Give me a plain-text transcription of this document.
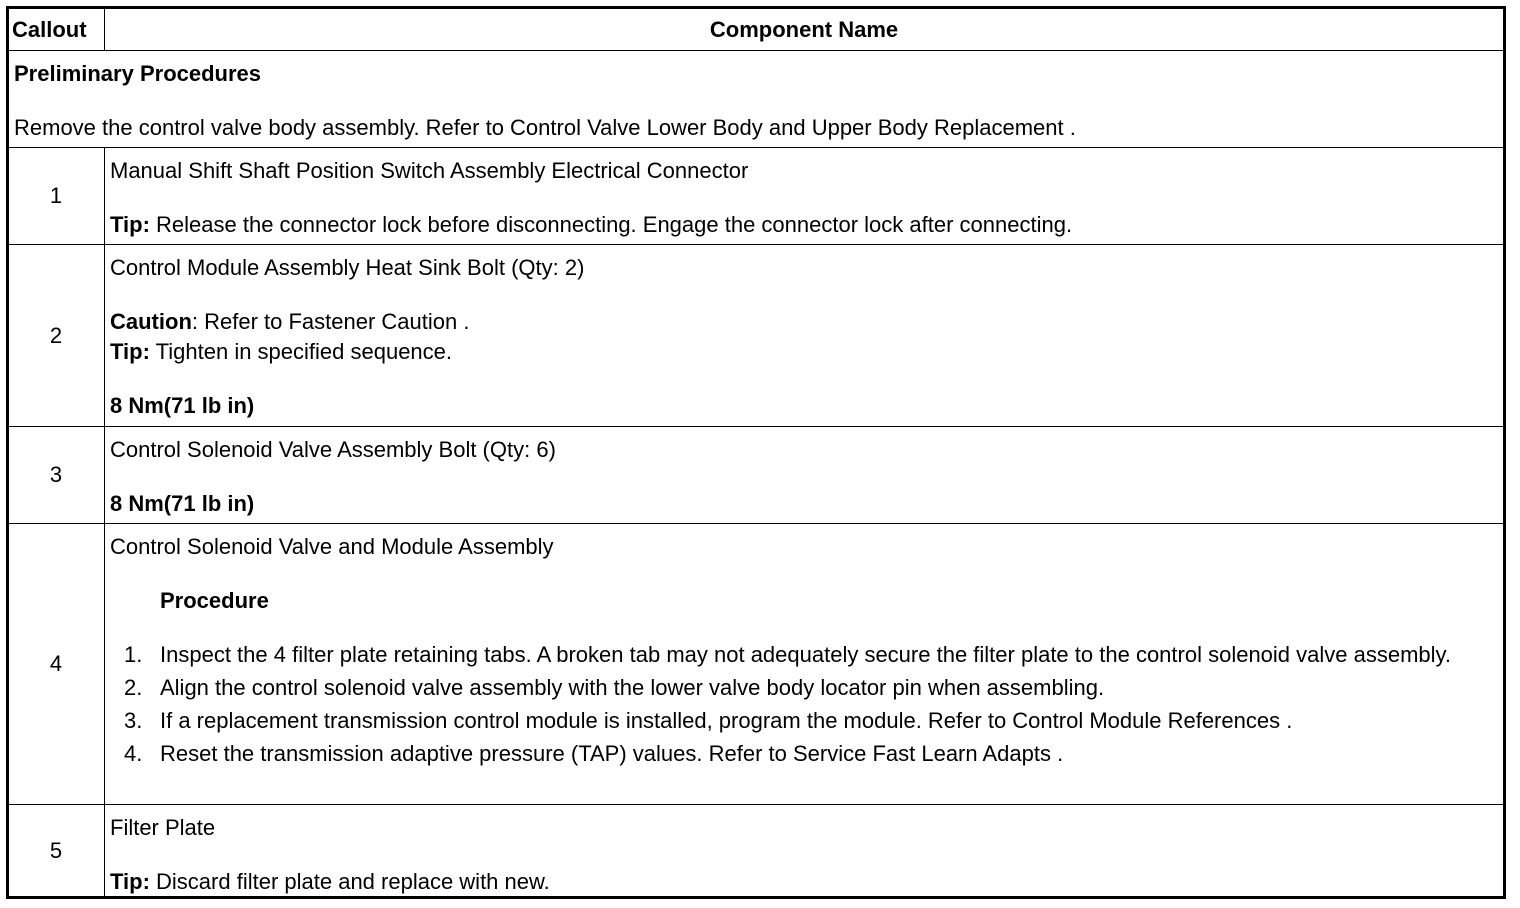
Callout	Component Name
Preliminary Procedures
Remove the control valve body assembly. Refer to Control Valve Lower Body and Upper Body Replacement .
1
Manual Shift Shaft Position Switch Assembly Electrical Connector
Tip: Release the connector lock before disconnecting. Engage the connector lock after connecting.
2
Control Module Assembly Heat Sink Bolt (Qty: 2)
Caution: Refer to Fastener Caution .
Tip: Tighten in specified sequence.
8 Nm(71 lb in)
3
Control Solenoid Valve Assembly Bolt (Qty: 6)
8 Nm(71 lb in)
4
Control Solenoid Valve and Module Assembly
Procedure
1. Inspect the 4 filter plate retaining tabs. A broken tab may not adequately secure the filter plate to the control solenoid valve assembly.
2. Align the control solenoid valve assembly with the lower valve body locator pin when assembling.
3. If a replacement transmission control module is installed, program the module. Refer to Control Module References .
4. Reset the transmission adaptive pressure (TAP) values. Refer to Service Fast Learn Adapts .
5
Filter Plate
Tip: Discard filter plate and replace with new.
